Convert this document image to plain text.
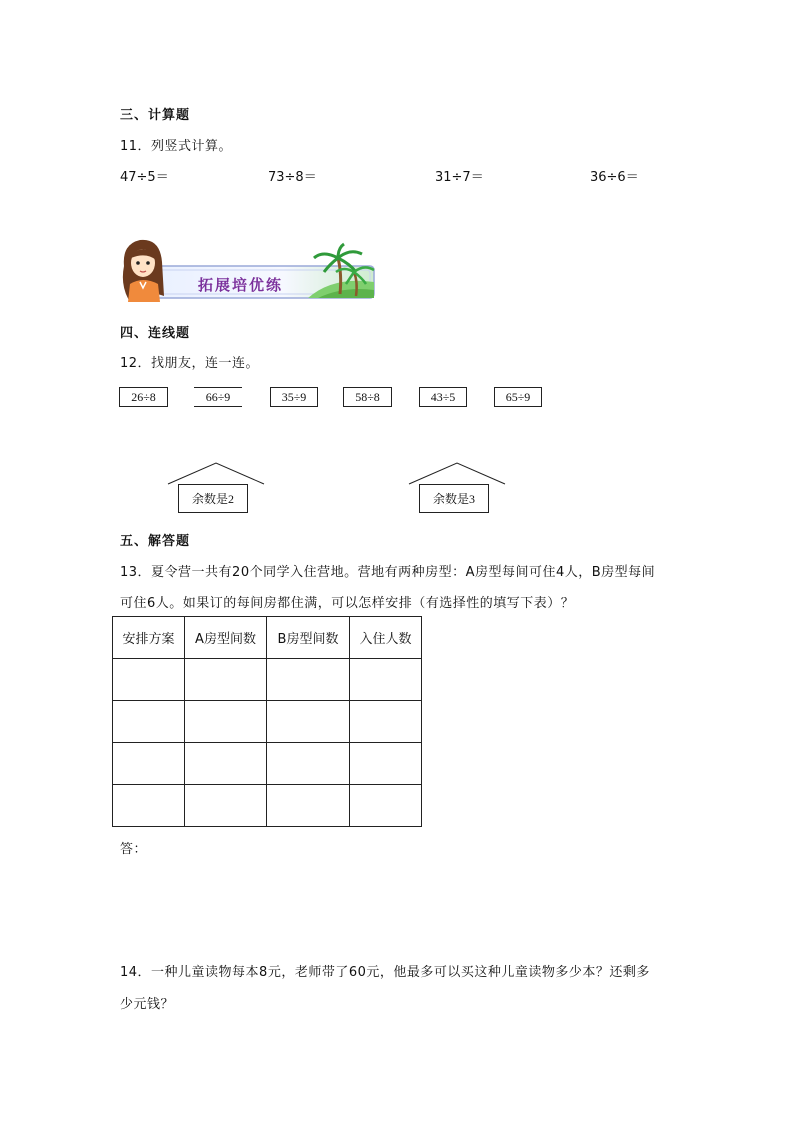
三、计算题
11．列竖式计算。
47÷5＝	73÷8＝	31÷7＝	36÷6＝
拓展培优练
四、连线题
12．找朋友，连一连。
26÷8	66÷9	35÷9	58÷8	43÷5	65÷9
余数是2	余数是3
五、解答题
13．夏令营一共有20个同学入住营地。营地有两种房型：A房型每间可住4人，B房型每间
可住6人。如果订的每间房都住满，可以怎样安排（有选择性的填写下表）？
安排方案	A房型间数	B房型间数	入住人数

答：
14．一种儿童读物每本8元，老师带了60元，他最多可以买这种儿童读物多少本？还剩多
少元钱？
